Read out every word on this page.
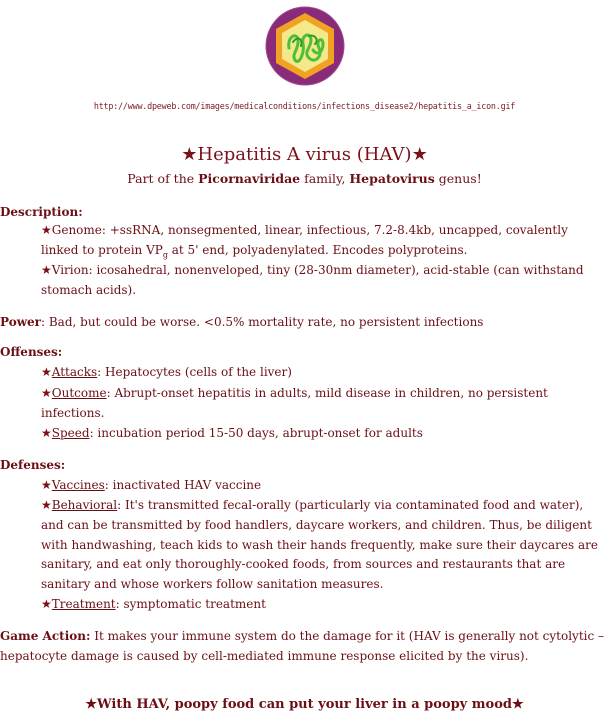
http://www.dpeweb.com/images/medicalconditions/infections_disease2/hepatitis_a_icon.gif
★Hepatitis A virus (HAV)★
Part of the Picornaviridae family, Hepatovirus genus!
Description:
★Genome: +ssRNA, nonsegmented, linear, infectious, 7.2-8.4kb, uncapped, covalently linked to protein $VP_g$ at 5' end, polyadenylated. Encodes polyproteins.
★Virion: icosahedral, nonenveloped, tiny (28-30nm diameter), acid-stable (can withstand stomach acids).
Power: Bad, but could be worse. <0.5% mortality rate, no persistent infections
Offenses:
★Attacks: Hepatocytes (cells of the liver)
★Outcome: Abrupt-onset hepatitis in adults, mild disease in children, no persistent infections.
★Speed: incubation period 15-50 days, abrupt-onset for adults
Defenses:
★Vaccines: inactivated HAV vaccine
★Behavioral: It's transmitted fecal-orally (particularly via contaminated food and water), and can be transmitted by food handlers, daycare workers, and children. Thus, be diligent with handwashing, teach kids to wash their hands frequently, make sure their daycares are sanitary, and eat only thoroughly-cooked foods, from sources and restaurants that are sanitary and whose workers follow sanitation measures.
★Treatment: symptomatic treatment
Game Action: It makes your immune system do the damage for it (HAV is generally not cytolytic – hepatocyte damage is caused by cell-mediated immune response elicited by the virus).
★With HAV, poopy food can put your liver in a poopy mood★
